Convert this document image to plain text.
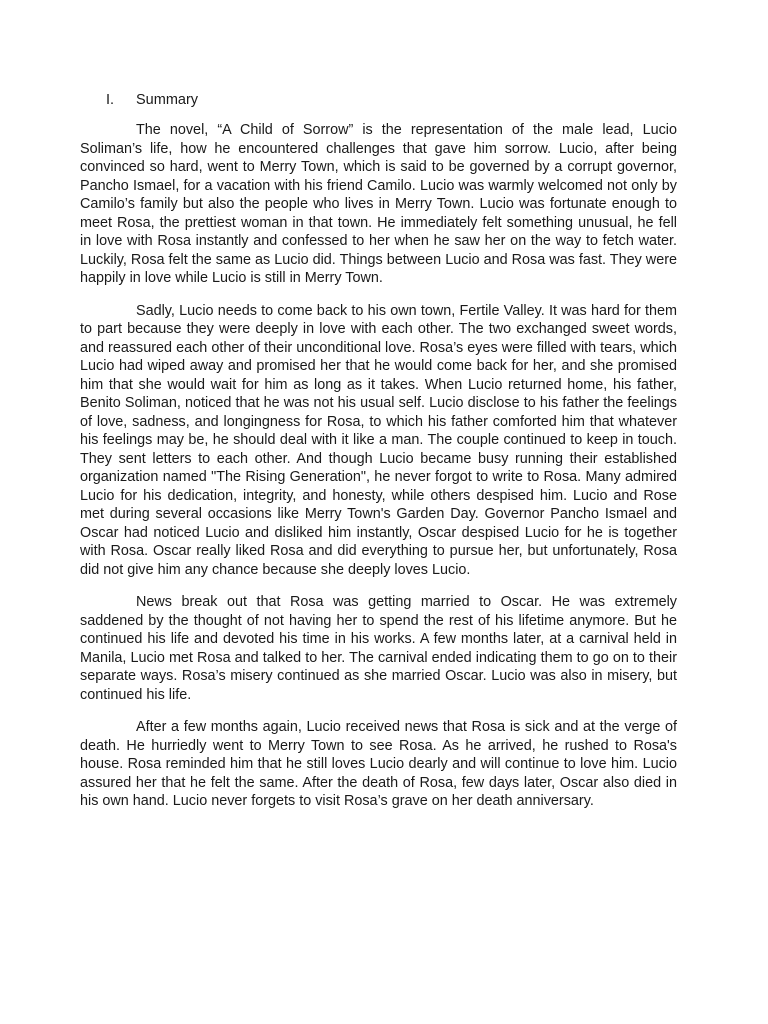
I. Summary

The novel, “A Child of Sorrow” is the representation of the male lead, Lucio Soliman’s life, how he encountered challenges that gave him sorrow. Lucio, after being convinced so hard, went to Merry Town, which is said to be governed by a corrupt governor, Pancho Ismael, for a vacation with his friend Camilo. Lucio was warmly welcomed not only by Camilo’s family but also the people who lives in Merry Town. Lucio was fortunate enough to meet Rosa, the prettiest woman in that town. He immediately felt something unusual, he fell in love with Rosa instantly and confessed to her when he saw her on the way to fetch water. Luckily, Rosa felt the same as Lucio did. Things between Lucio and Rosa was fast. They were happily in love while Lucio is still in Merry Town.

Sadly, Lucio needs to come back to his own town, Fertile Valley. It was hard for them to part because they were deeply in love with each other. The two exchanged sweet words, and reassured each other of their unconditional love. Rosa’s eyes were filled with tears, which Lucio had wiped away and promised her that he would come back for her, and she promised him that she would wait for him as long as it takes. When Lucio returned home, his father, Benito Soliman, noticed that he was not his usual self. Lucio disclose to his father the feelings of love, sadness, and longingness for Rosa, to which his father comforted him that whatever his feelings may be, he should deal with it like a man. The couple continued to keep in touch. They sent letters to each other. And though Lucio became busy running their established organization named "The Rising Generation", he never forgot to write to Rosa. Many admired Lucio for his dedication, integrity, and honesty, while others despised him. Lucio and Rose met during several occasions like Merry Town's Garden Day. Governor Pancho Ismael and Oscar had noticed Lucio and disliked him instantly, Oscar despised Lucio for he is together with Rosa. Oscar really liked Rosa and did everything to pursue her, but unfortunately, Rosa did not give him any chance because she deeply loves Lucio.

News break out that Rosa was getting married to Oscar. He was extremely saddened by the thought of not having her to spend the rest of his lifetime anymore. But he continued his life and devoted his time in his works. A few months later, at a carnival held in Manila, Lucio met Rosa and talked to her. The carnival ended indicating them to go on to their separate ways. Rosa’s misery continued as she married Oscar. Lucio was also in misery, but continued his life.

After a few months again, Lucio received news that Rosa is sick and at the verge of death. He hurriedly went to Merry Town to see Rosa. As he arrived, he rushed to Rosa's house. Rosa reminded him that he still loves Lucio dearly and will continue to love him. Lucio assured her that he felt the same. After the death of Rosa, few days later, Oscar also died in his own hand. Lucio never forgets to visit Rosa’s grave on her death anniversary.
